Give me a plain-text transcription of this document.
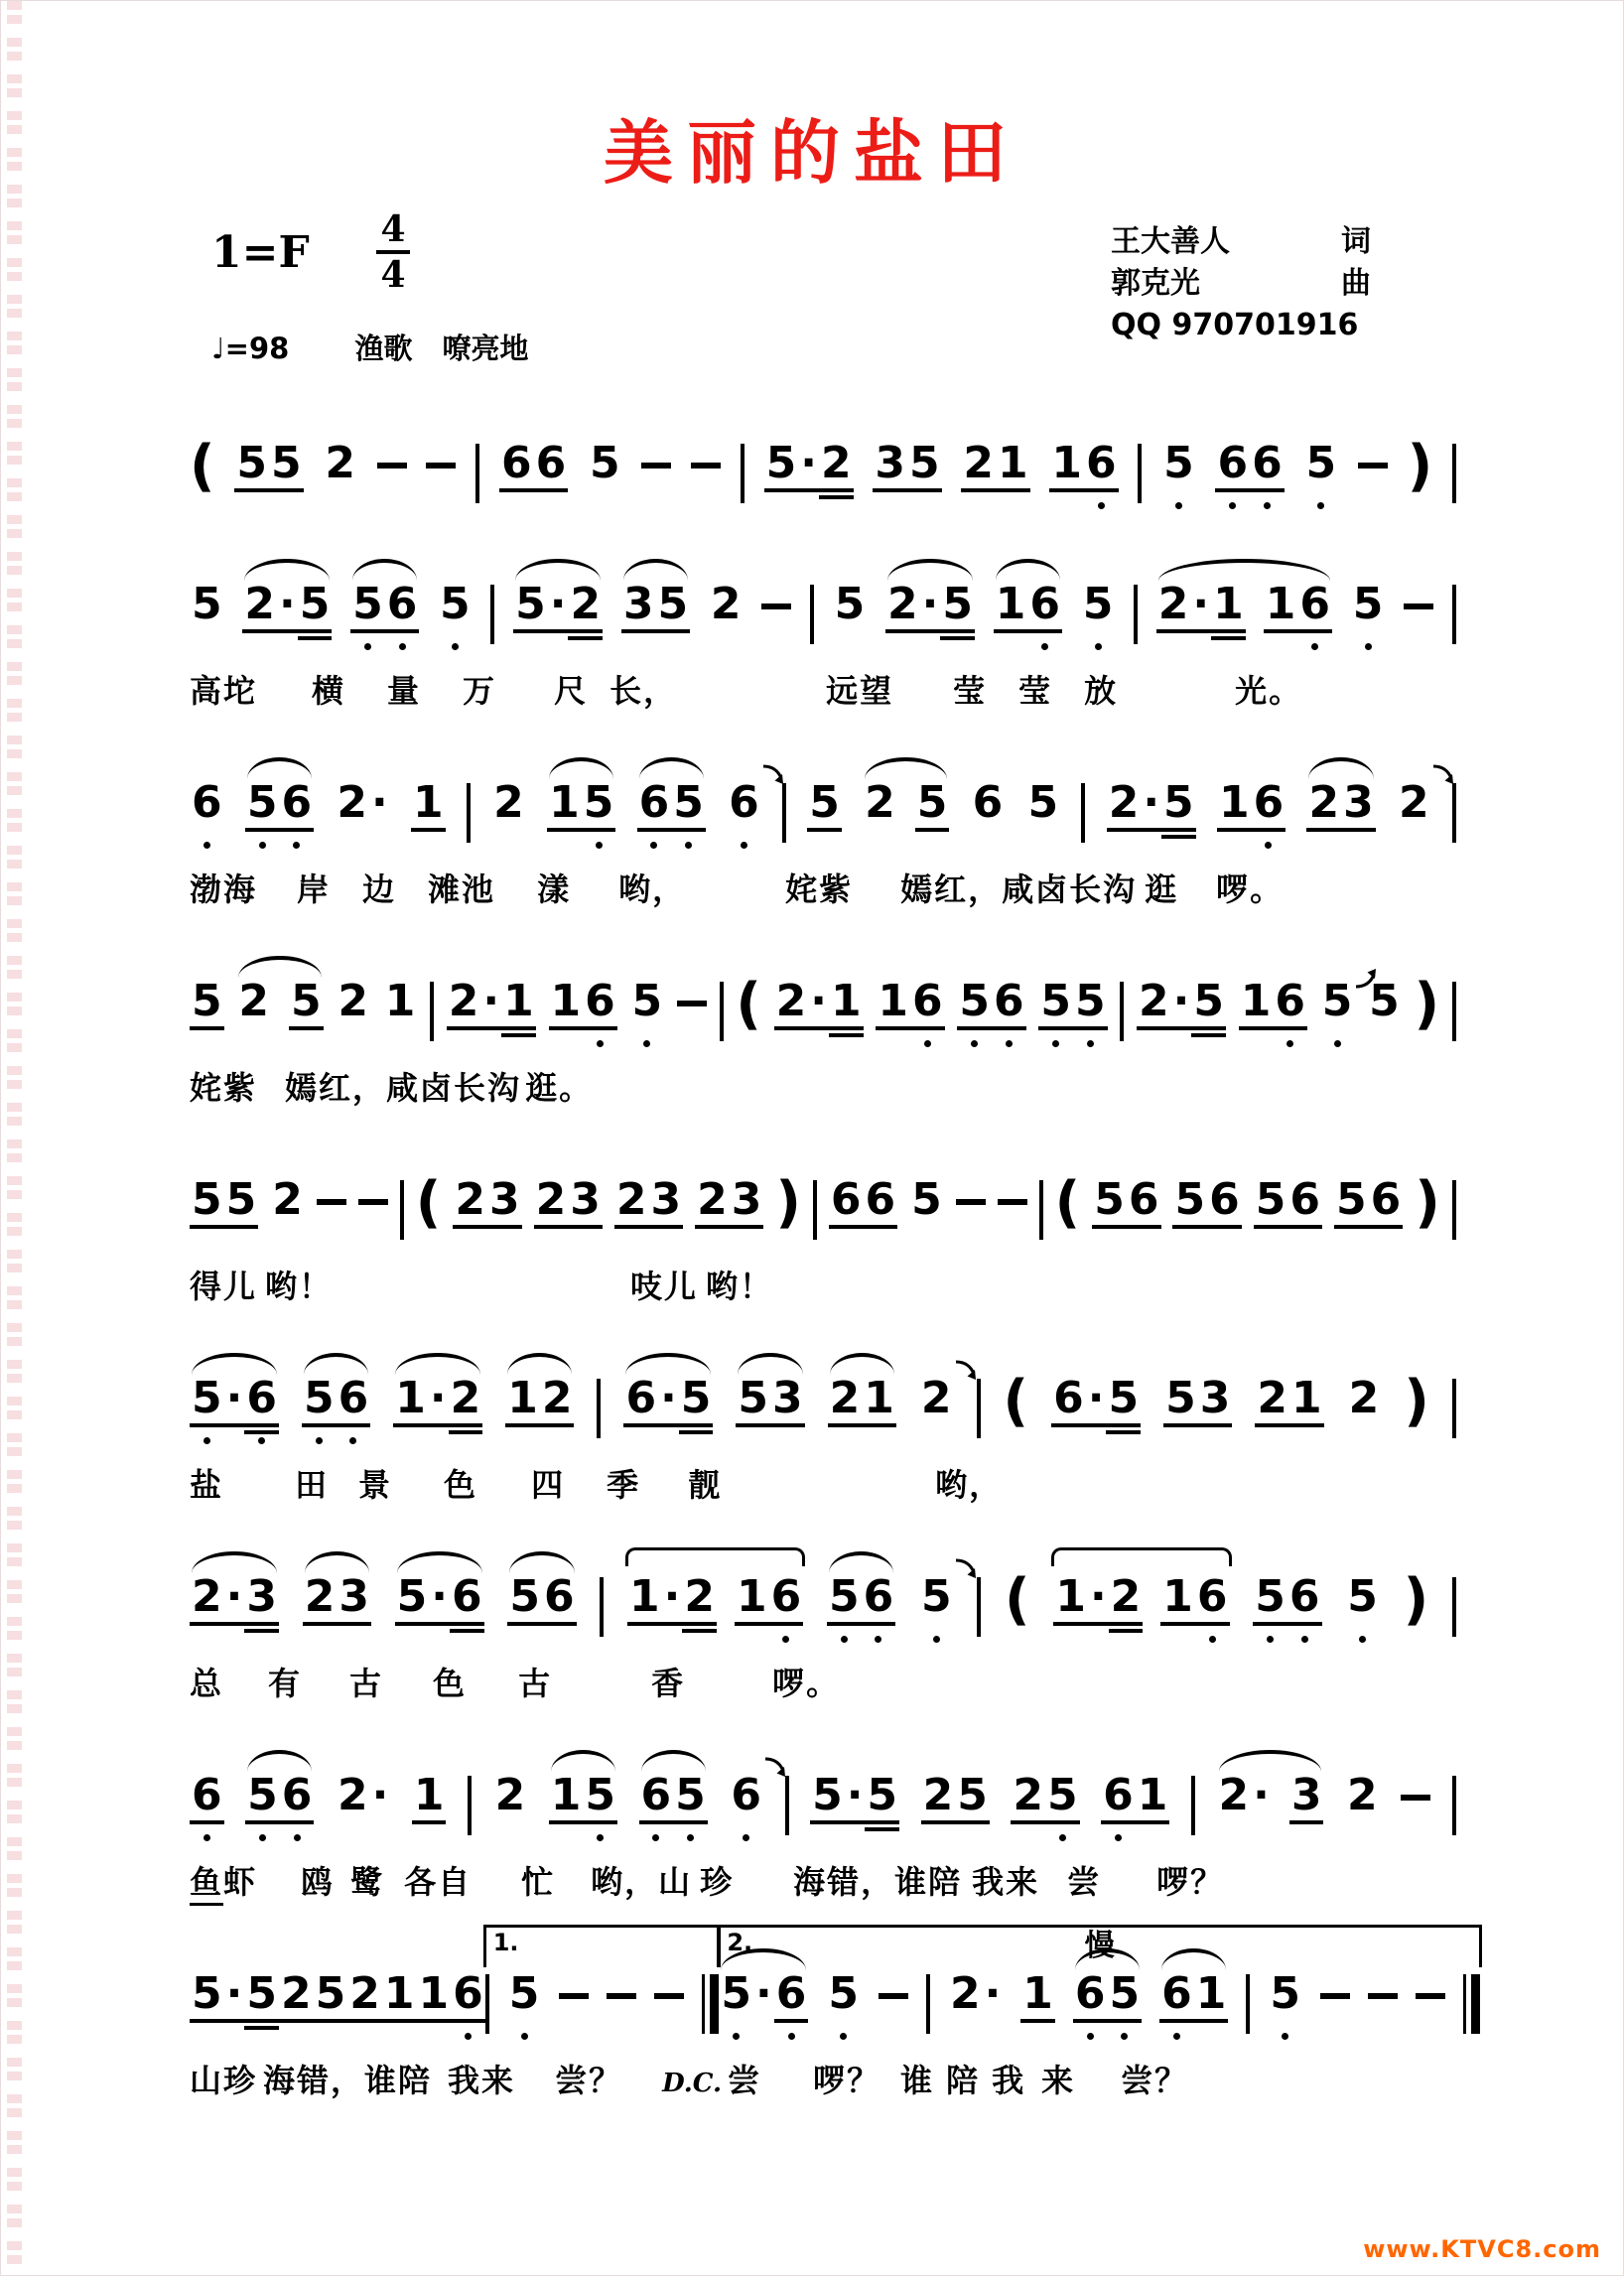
美丽的盐田
1=F 4
4
王大善人	词
郭克光	曲
QQ 970701916
♩=98 渔歌 嘹亮地
( 5 5 2	6 6 5	5 · 2 3 5 2 1 1 6 5 6 6 5 )
5 2 · 5 5 6 5 5 · 2 3 5 2 5 2 · 5 1 6 5 2 · 1 1 6 5
高坨 横 量 万 尺 长，	远望 莹 莹 放	光。
6 5 6 2 · 1 2 1 5 6 5 6 5 2 5 6 5 2 · 5 1 6 2 3 2
渤海 岸 边 滩池 漾 哟，	姹紫 嫣红， 咸卤 长沟 逛 啰。
5 2 5 2 1 2 · 1 1 6 5 ( 2 · 1 1 6 5 6 5 5 2 · 5 1 6 5 5 )
姹紫 嫣红， 咸卤 长沟 逛。
5 5 2 ( 2 3 2 3 2 3 2 3 ) 6 6 5 ( 5 6 5 6 5 6 5 6 )
得儿 哟！	吱儿 哟！
5 · 6 5 6 1 · 2 1 2 6 · 5 5 3 2 1 2 ( 6 · 5 5 3 2 1 2 )
盐 田 景 色 四 季 靓	哟，
2 · 3 2 3 5 · 6 5 6 1 · 2 1 6 5 6 5 ( 1 · 2 1 6 5 6 5 )
总 有 古 色 古	香	啰。
6 5 6 2 · 1 2 1 5 6 5 6 5 · 5 2 5 2 5 6 1 2 · 3 2
鱼 虾 鸥 鹭 各自 忙 哟，山 珍 海错， 谁陪 我来 尝 啰？
5 · 5 2 5 2 1 1 6
1.
5
2.	慢
5 · 6 5 2 · 1 6 5 6 1 5
山珍 海错， 谁陪 我来 尝？ D.C. 尝 啰？ 谁 陪 我 来 尝？
www.KTVC8.com
